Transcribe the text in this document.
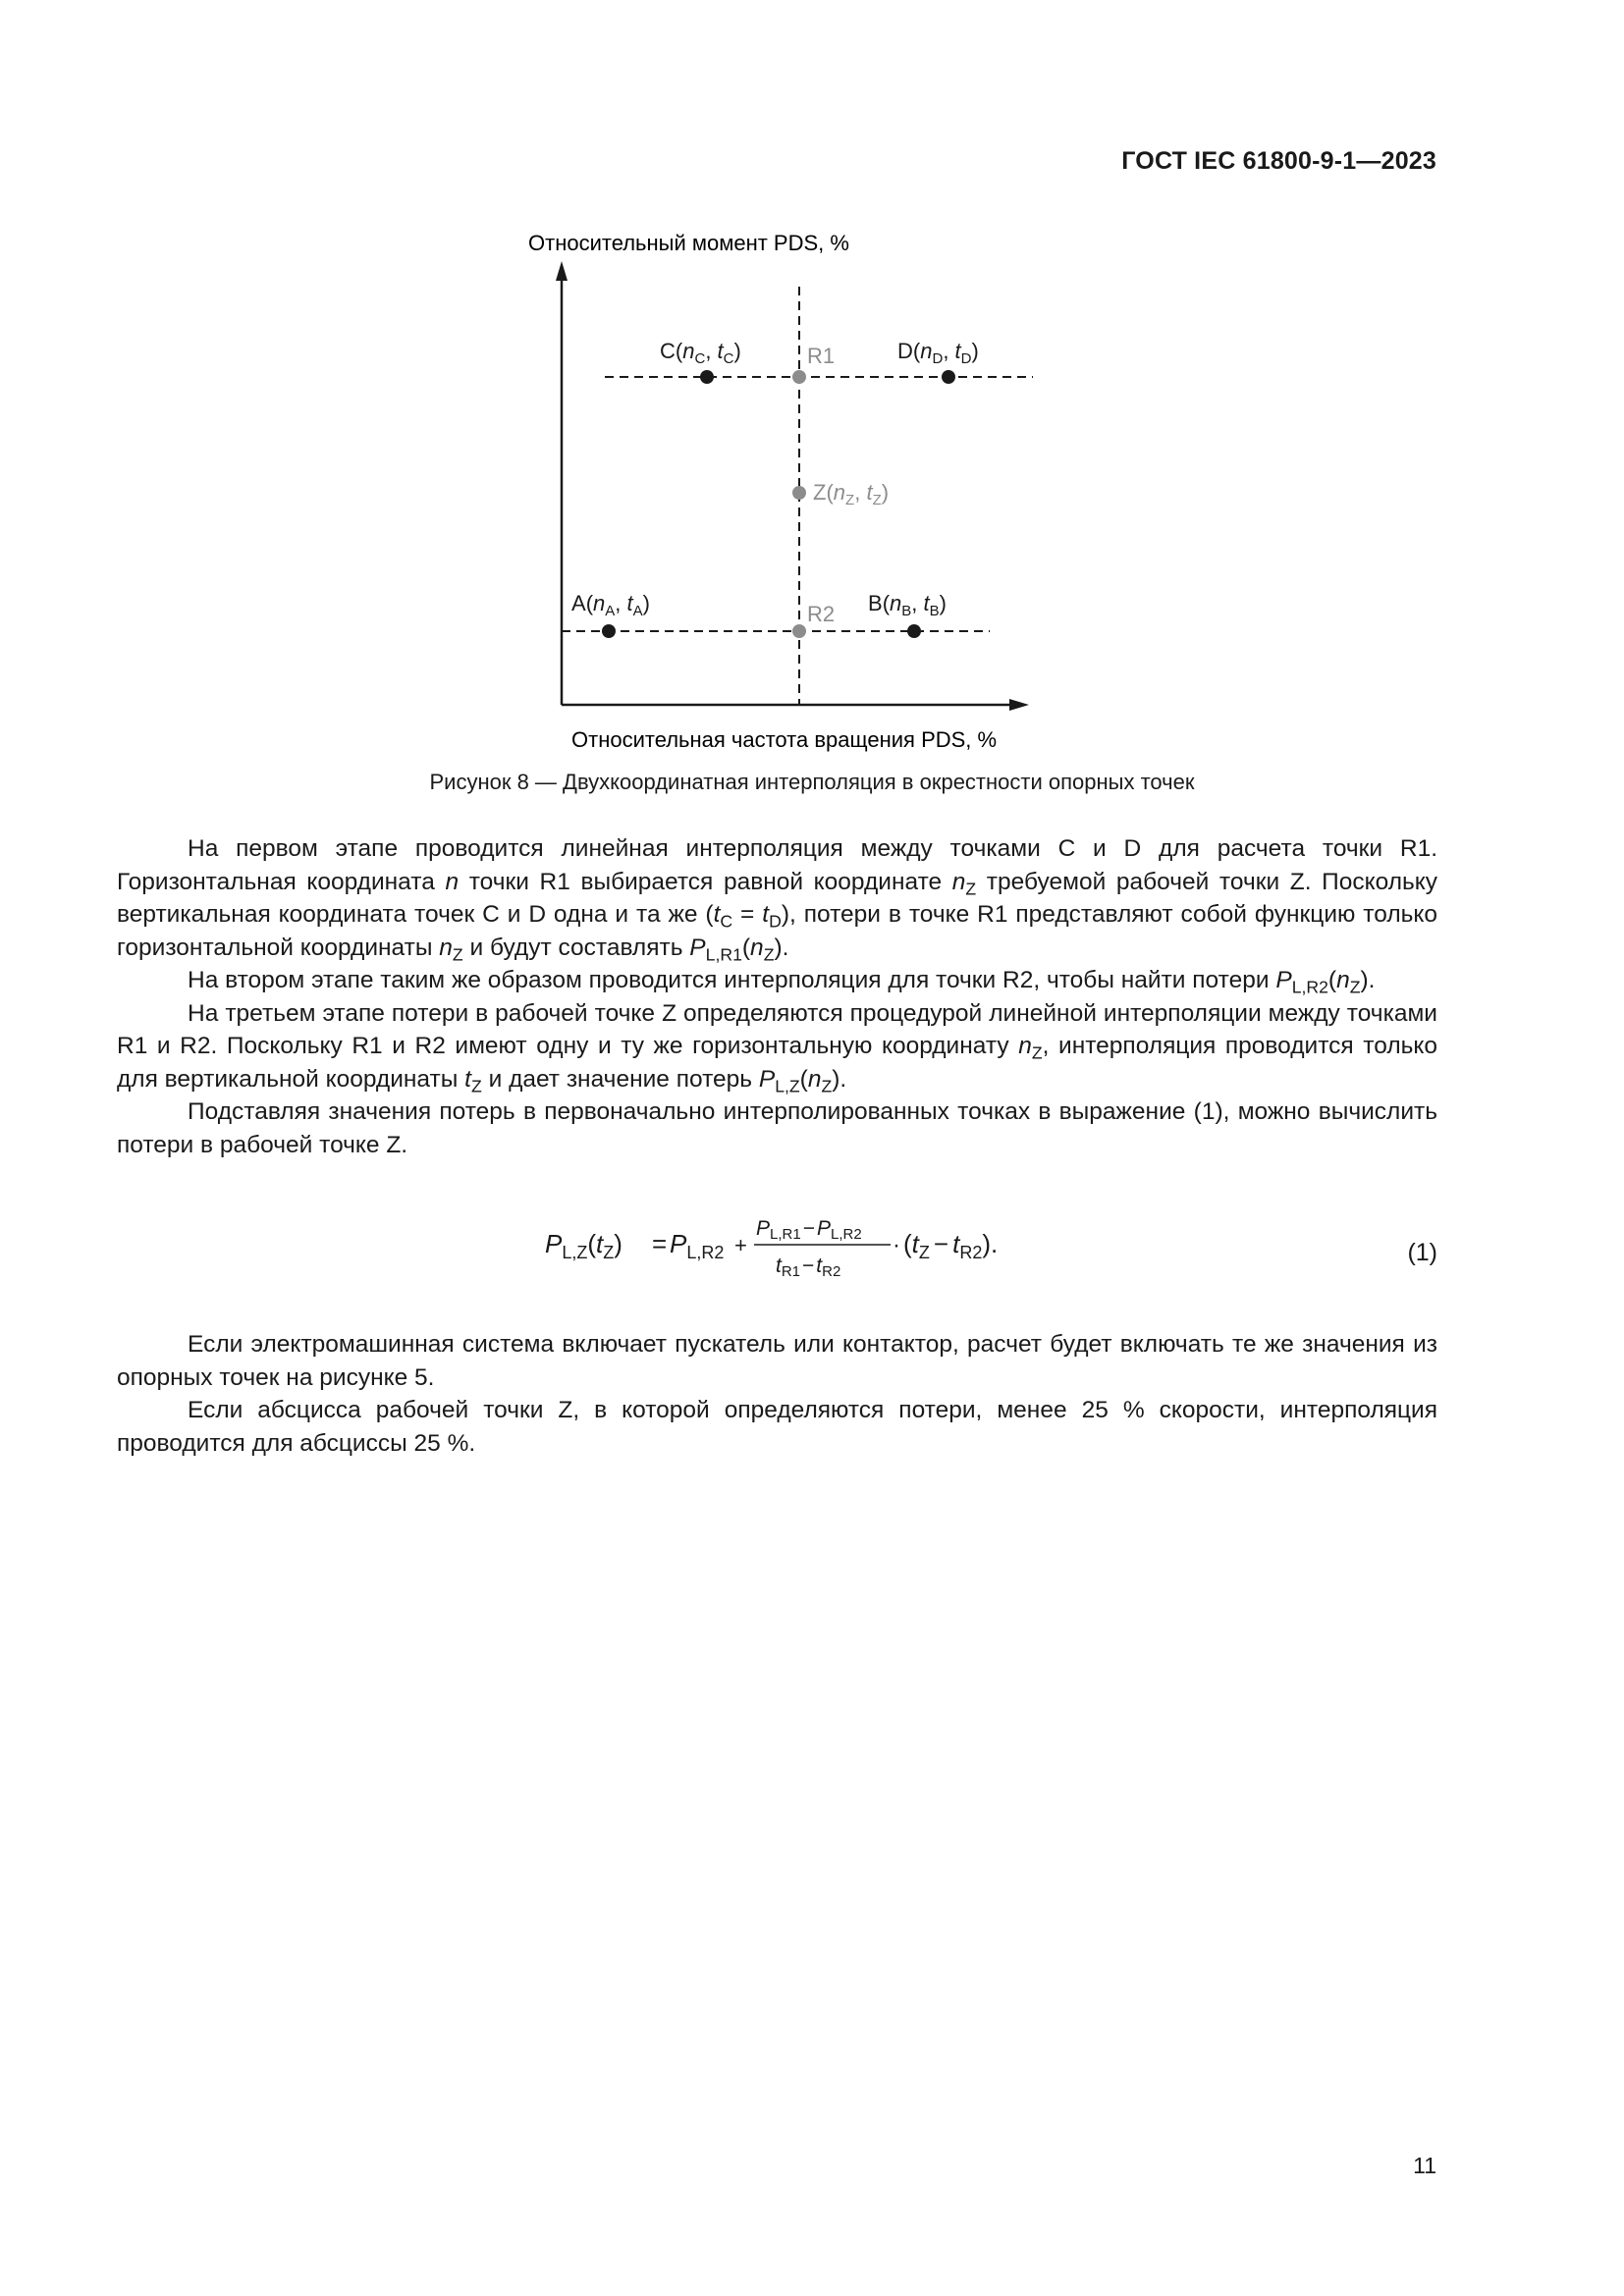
ГОСТ IEC 61800-9-1—2023
Относительный момент PDS, %
Относительная частота вращения PDS, %
$C(n_C$, $t_C$)	R1	$D(n_D$, $t_D$)
$Z(n_Z$, $t_Z$)
$A(n_A$, $t_A$)	R2 $B(n_B$, $t_B$)
Рисунок 8 — Двухкоординатная интерполяция в окрестности опорных точек

На первом этапе проводится линейная интерполяция между точками C и D для расчета точки R1. Горизонтальная координата n точки R1 выбирается равной координате $n_Z$ требуемой рабочей точки Z. Поскольку вертикальная координата точек C и D одна и та же $(t_C = t_D)$, потери в точке R1 представляют собой функцию только горизонтальной координаты $n_Z$ и будут составлять $P_{L,R1}(n_Z)$.

На втором этапе таким же образом проводится интерполяция для точки R2, чтобы найти потери $P_{L,R2}(n_Z)$.

На третьем этапе потери в рабочей точке Z определяются процедурой линейной интерполяции между точками R1 и R2. Поскольку R1 и R2 имеют одну и ту же горизонтальную координату $n_Z$, интерполяция проводится только для вертикальной координаты $t_Z$ и дает значение потерь $P_{L,Z}(n_Z)$.

Подставляя значения потерь в первоначально интерполированных точках в выражение (1), можно вычислить потери в рабочей точке Z.

$P_{L,Z}(t_Z) = P_{L,R2}$ +
PL,R1−PL,R2
tR1−tR2
· $(t_Z - t_{R2})$.	(1)

Если электромашинная система включает пускатель или контактор, расчет будет включать те же значения из опорных точек на рисунке 5.

Если абсцисса рабочей точки Z, в которой определяются потери, менее 25 % скорости, интерполяция проводится для абсциссы 25 %.

11
